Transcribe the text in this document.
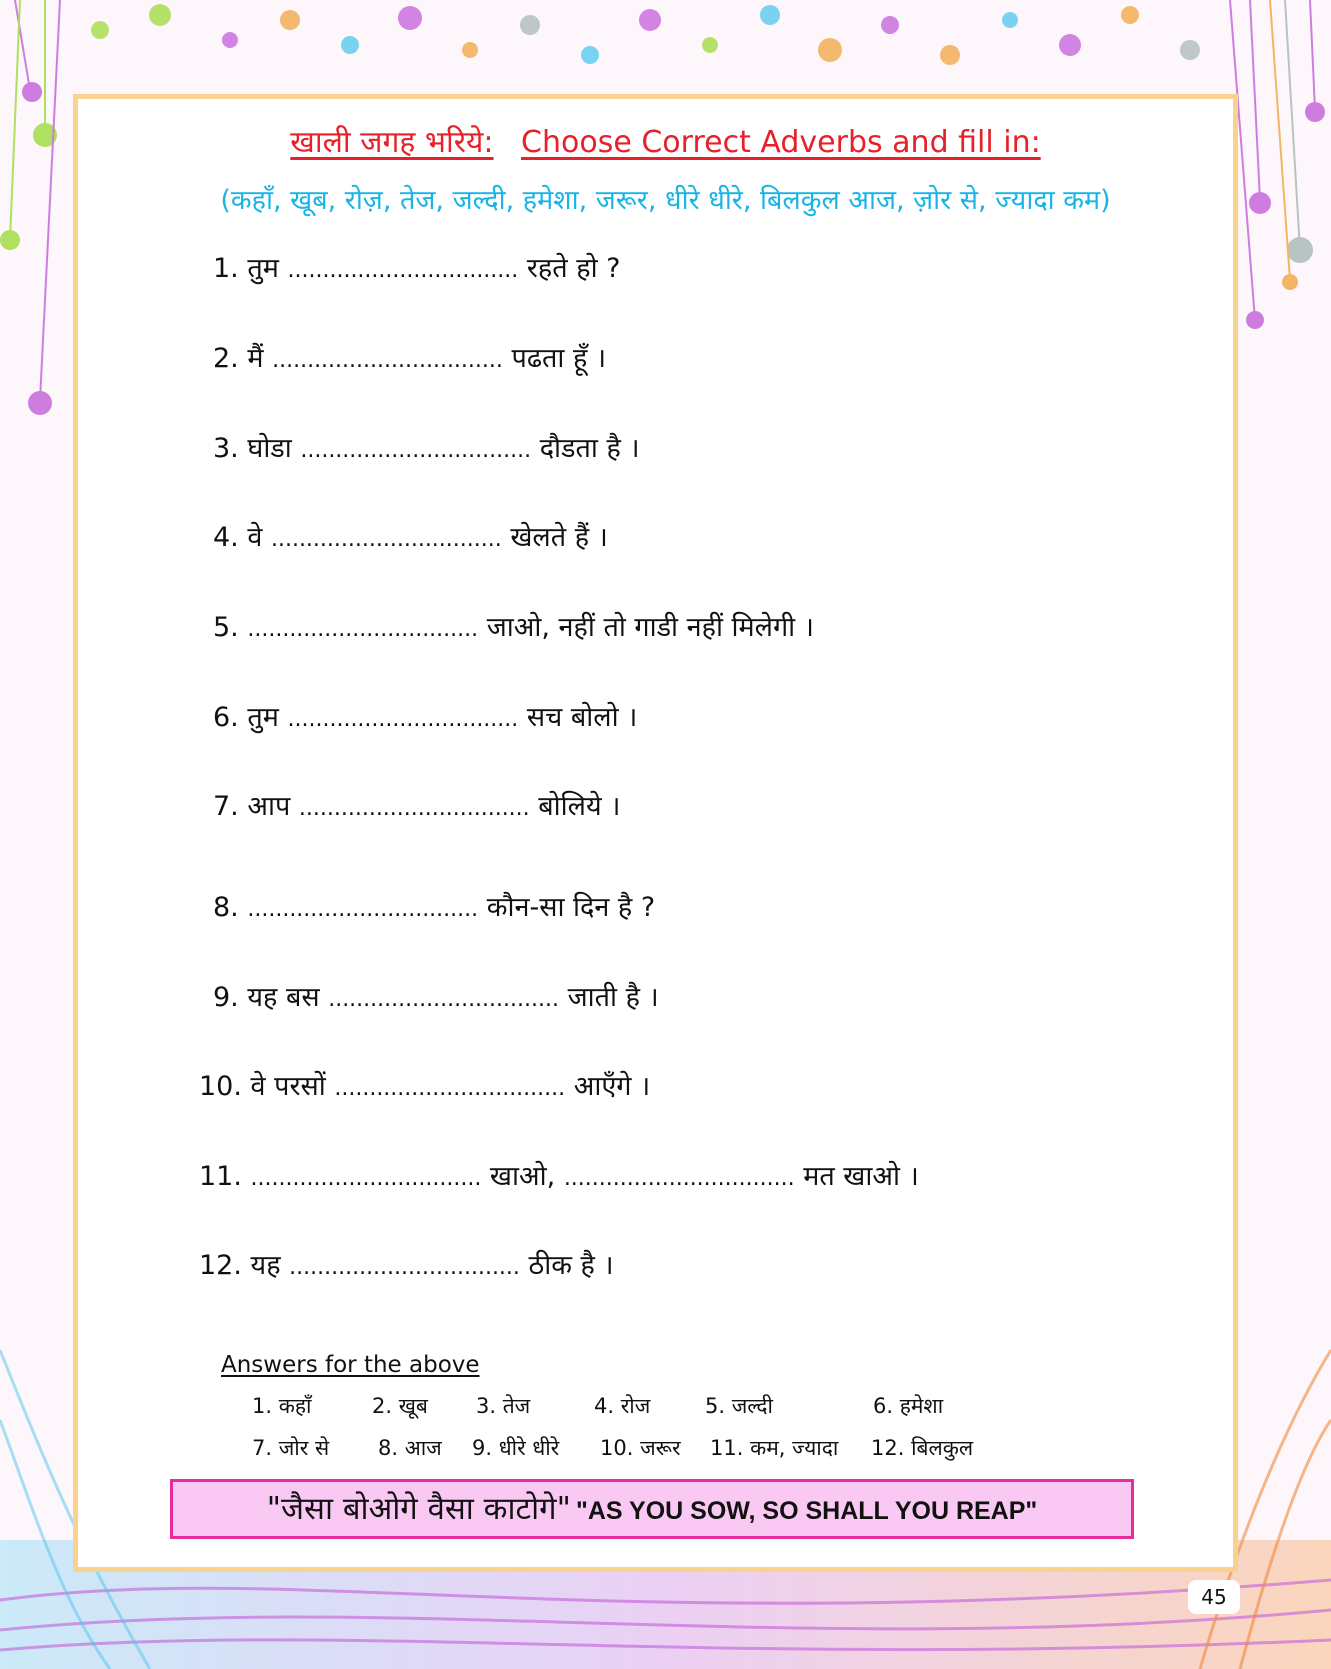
खाली जगह भरिये: Choose Correct Adverbs and fill in:
(कहाँ, खूब, रोज़, तेज, जल्दी, हमेशा, जरूर, धीरे धीरे, बिलकुल आज, ज़ोर से, ज्यादा कम)
1. तुम ................................. रहते हो ?
2. मैं ................................. पढता हूँ ।
3. घोडा ................................. दौडता है ।
4. वे ................................. खेलते हैं ।
5. ................................. जाओ, नहीं तो गाडी नहीं मिलेगी ।
6. तुम ................................. सच बोलो ।
7. आप ................................. बोलिये ।
8. ................................. कौन-सा दिन है ?
9. यह बस ................................. जाती है ।
10. वे परसों ................................. आएँगे ।
11. ................................. खाओ, ................................. मत खाओ ।
12. यह ................................. ठीक है ।
Answers for the above
1. कहाँ	2. खूब 3. तेज	4. रोज	5. जल्दी	6. हमेशा
7. जोर से 8. आज 9. धीरे धीरे 10. जरूर 11. कम, ज्यादा 12. बिलकुल
"जैसा बोओगे वैसा काटोगे" "AS YOU SOW, SO SHALL YOU REAP"
45
